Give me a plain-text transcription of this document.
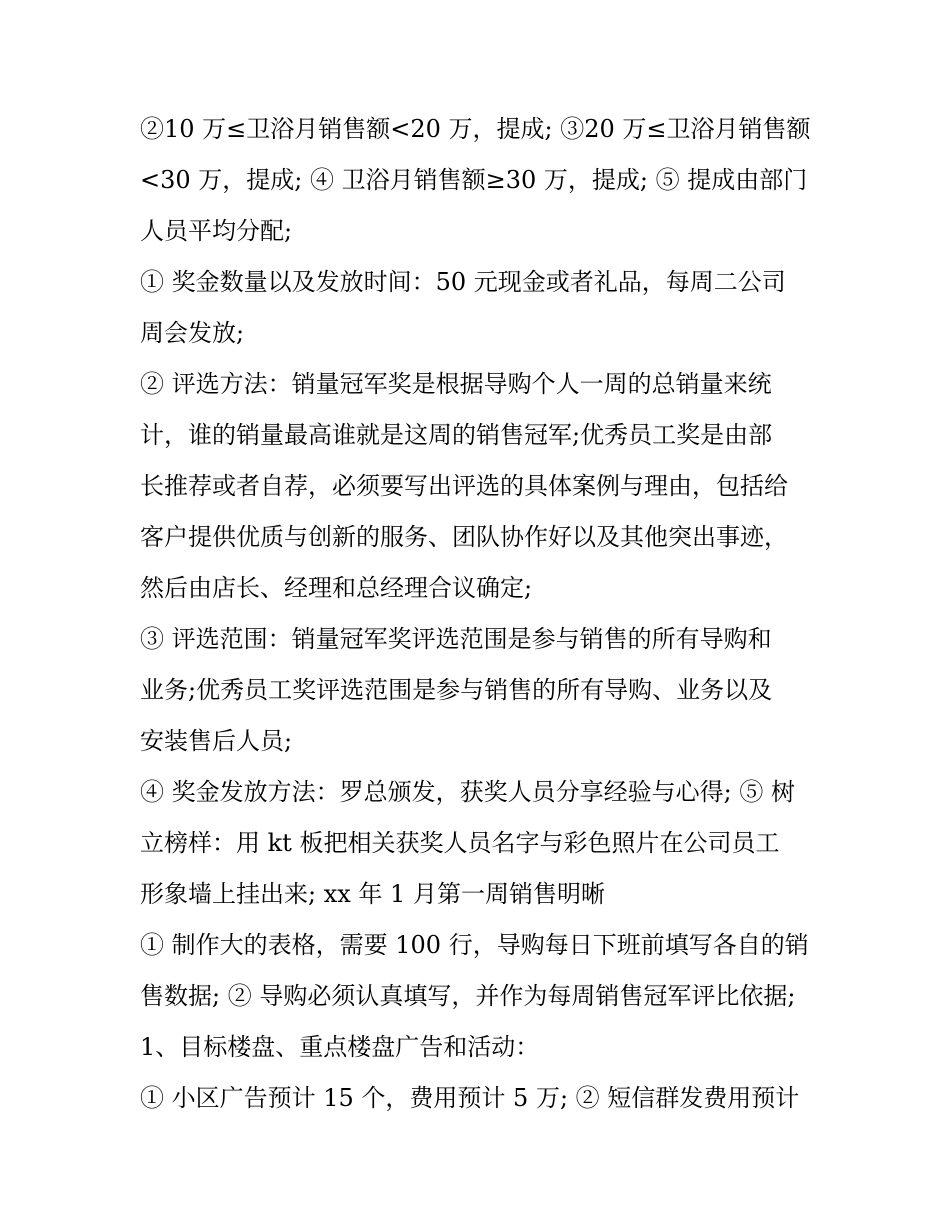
②10 万≤卫浴月销售额<20 万，提成; ③20 万≤卫浴月销售额
<30 万，提成; ④ 卫浴月销售额≥30 万，提成; ⑤ 提成由部门
人员平均分配;
① 奖金数量以及发放时间：50 元现金或者礼品，每周二公司
周会发放;
② 评选方法：销量冠军奖是根据导购个人一周的总销量来统
计，谁的销量最高谁就是这周的销售冠军;优秀员工奖是由部
长推荐或者自荐，必须要写出评选的具体案例与理由，包括给
客户提供优质与创新的服务、团队协作好以及其他突出事迹，
然后由店长、经理和总经理合议确定;
③ 评选范围：销量冠军奖评选范围是参与销售的所有导购和
业务;优秀员工奖评选范围是参与销售的所有导购、业务以及
安装售后人员;
④ 奖金发放方法：罗总颁发，获奖人员分享经验与心得; ⑤ 树
立榜样：用 kt 板把相关获奖人员名字与彩色照片在公司员工
形象墙上挂出来; xx 年 1 月第一周销售明晰
① 制作大的表格，需要 100 行，导购每日下班前填写各自的销
售数据; ② 导购必须认真填写，并作为每周销售冠军评比依据;
1、目标楼盘、重点楼盘广告和活动：
① 小区广告预计 15 个，费用预计 5 万; ② 短信群发费用预计
